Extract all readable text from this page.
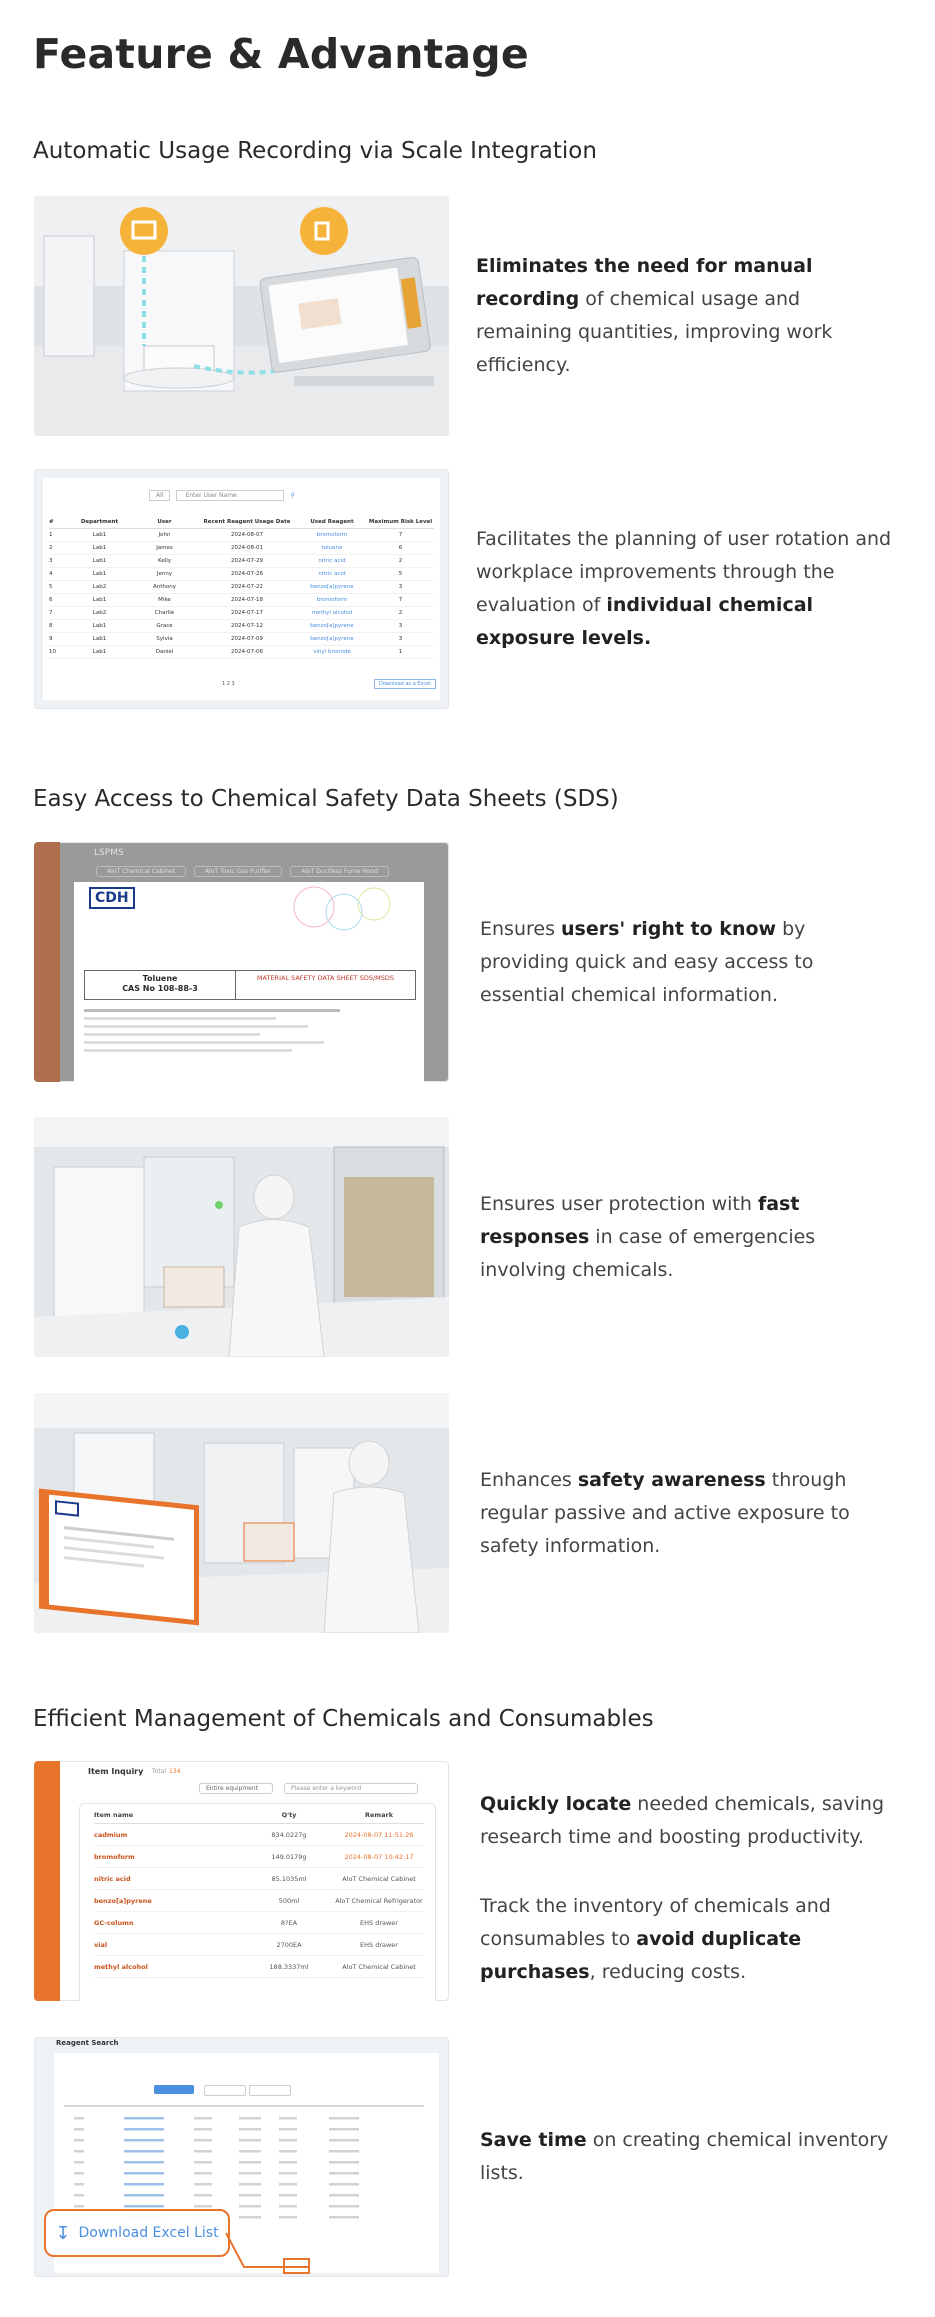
Feature & Advantage
Automatic Usage Recording via Scale Integration
Easy Access to Chemical Safety Data Sheets (SDS)
Efficient Management of Chemicals and Consumables

Eliminates the need for manual recording of chemical usage and remaining quantities, improving work efficiency.

All	Enter User Name	⚲
#	Department	User	Recent Reagent Usage Date	Used Reagent	Maximum Risk Level
1	Lab1	John	2024-08-07	bromoform	7
2	Lab1	James	2024-08-01	toluene	6
3	Lab1	Kelly	2024-07-29	nitric acid	2
4	Lab1	Jenny	2024-07-26	nitric acid	5
5	Lab2	Anthony	2024-07-22	benzo[a]pyrene	3
6	Lab1	Mike	2024-07-18	bromoform	7
7	Lab2	Charlie	2024-07-17	methyl alcohol	2
8	Lab1	Grace	2024-07-12	benzo[a]pyrene	3
9	Lab1	Sylvia	2024-07-09	benzo[a]pyrene	3
10	Lab1	Daniel	2024-07-06	vinyl bromide	1
1 2 3	Download as a Excel

Facilitates the planning of user rotation and workplace improvements through the evaluation of individual chemical exposure levels.

LSPMS
AloT Chemical Cabinet	AloT Toxic Gas Purifier	AloT Ductless Fume Hood
CDH
Toluene
CAS No 108-88-3
MATERIAL SAFETY DATA SHEET SDS/MSDS

Ensures users' right to know by providing quick and easy access to essential chemical information.

Ensures user protection with fast responses in case of emergencies involving chemicals.

Enhances safety awareness through regular passive and active exposure to safety information.

Item Inquiry Total 134
Entire equipment	Please enter a keyword
Item name	Q'ty	Remark
cadmium	834.0227g	2024-08-07 11:51:26
bromoform	149.0179g	2024-08-07 10:42:17
nitric acid	85.1035ml	AloT Chemical Cabinet
benzo[a]pyrene	500ml	AloT Chemical Refrigerator
GC-column	8?EA	EHS drawer
vial	2700EA	EHS drawer
methyl alcohol	188.3337ml	AloT Chemical Cabinet

Quickly locate needed chemicals, saving research time and boosting productivity.

Track the inventory of chemicals and consumables to avoid duplicate purchases, reducing costs.

Reagent Search
↧ Download Excel List

Save time on creating chemical inventory lists.
